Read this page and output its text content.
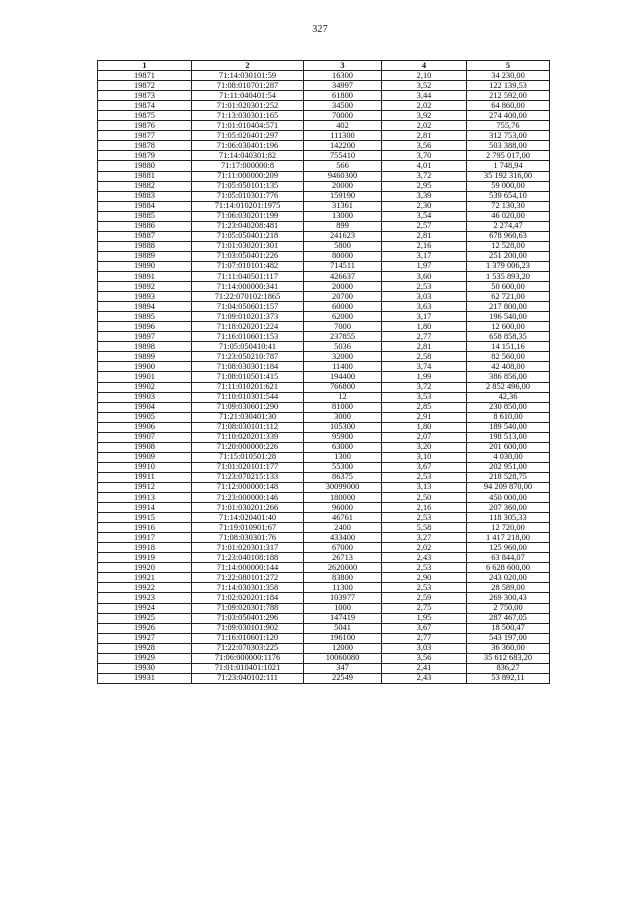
327
1	2	3	4	5
19871	71:14:030101:59	16300	2,10	34 230,00
19872	71:08:010701:287	34997	3,52	122 139,53
19873	71:11:040401:54	61800	3,44	212 592,00
19874	71:01:020301:252	34500	2,02	64 860,00
19875	71:13:030301:165	70000	3,92	274 400,00
19876	71:01:010404:571	402	2,02	755,76
19877	71:05:020401:297	111300	2,81	312 753,00
19878	71:06:030401:196	142200	3,56	503 388,00
19879	71:14:040301:82	755410	3,70	2 795 017,00
19880	71:17:000000:8	566	4,01	1 748,94
19881	71:11:000000:209	9460300	3,72	35 192 316,00
19882	71:05:050101:135	20000	2,95	59 000,00
19883	71:05:010301:776	159190	3,39	539 654,10
19884	71:14:010201:1975	31361	2,30	72 130,30
19885	71:06:030201:199	13000	3,54	46 020,00
19886	71:23:040208:481	899	2,57	2 274,47
19887	71:05:050401:218	241623	2,81	678 960,63
19888	71:01:030201:301	5800	2,16	12 528,00
19889	71:03:050401:226	80000	3,17	251 200,00
19890	71:07:010101:482	714511	1,97	1 379 006,23
19891	71:11:040501:117	426637	3,60	1 535 893,20
19892	71:14:000000:341	20000	2,53	50 600,00
19893	71:22:070102:1865	20700	3,03	62 721,00
19894	71:04:050601:157	60000	3,63	217 800,00
19895	71:09:010201:373	62000	3,17	196 540,00
19896	71:18:020201:224	7000	1,80	12 600,00
19897	71:16:010601:153	237855	2,77	658 858,35
19898	71:05:050410:41	5036	2,81	14 151,16
19899	71:23:050210:787	32000	2,58	82 560,00
19900	71:08:030301:184	11400	3,74	42 408,00
19901	71:08:010501:415	194400	1,99	386 856,00
19902	71:11:010201:621	766800	3,72	2 852 496,00
19903	71:10:010301:544	12	3,53	42,36
19904	71:09:030601:290	81000	2,85	230 850,00
19905	71:21:030401:30	3000	2,91	8 610,00
19906	71:08:030101:112	105300	1,80	189 540,00
19907	71:10:020201:339	95900	2,07	198 513,00
19908	71:20:000000:226	63000	3,20	201 600,00
19909	71:15:010501:28	1300	3,10	4 030,00
19910	71:01:020101:177	55300	3,67	202 951,00
19911	71:23:070215:133	86375	2,53	218 528,75
19912	71:12:000000:148	30099000	3,13	94 209 870,00
19913	71:23:000000:146	180000	2,50	450 000,00
19914	71:01:030201:266	96000	2,16	207 360,00
19915	71:14:020401:40	46761	2,53	118 305,33
19916	71:19:010901:67	2400	5,58	12 720,00
19917	71:08:030301:76	433400	3,27	1 417 218,00
19918	71:01:020301:317	67000	2,02	125 960,00
19919	71:23:040108:188	26713	2,43	63 844,07
19920	71:14:000000:144	2620000	2,53	6 628 600,00
19921	71:22:080101:272	83800	2,90	243 020,00
19922	71:14:030301:358	11300	2,53	28 589,00
19923	71:02:020201:184	103977	2,59	269 300,43
19924	71:09:020301:788	1000	2,75	2 750,00
19925	71:03:050401:296	147419	1,95	287 467,05
19926	71:09:030101:902	5041	3,67	18 500,47
19927	71:16:010601:120	196100	2,77	543 197,00
19928	71:22:070303:225	12000	3,03	36 360,00
19929	71:06:000000:1176	10060080	3,56	35 612 683,20
19930	71:01:010401:1021	347	2,41	836,27
19931	71:23:040102:111	22549	2,43	53 892,11
